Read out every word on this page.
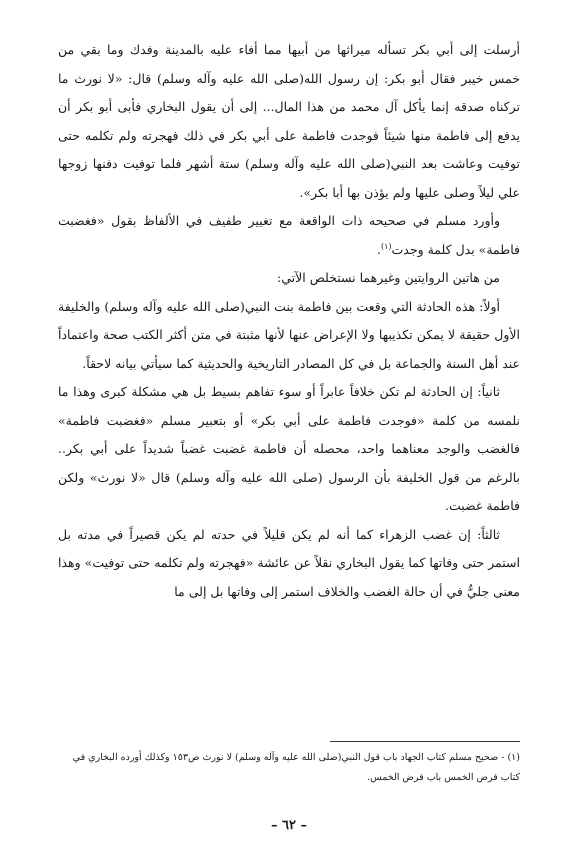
أرسلت إلى أبي بكر تسأله ميراثها من أبيها مما أفاء عليه بالمدينة وفدك وما بقي من خمس خيبر فقال أبو بكر: إن رسول الله(صلى الله عليه وآله وسلم) قال: «لا نورث ما تركناه صدقه إنما يأكل آل محمد من هذا المال... إلى أن يقول البخاري فأبى أبو بكر أن يدفع إلى فاطمة منها شيئاً فوجدت فاطمة على أبي بكر في ذلك فهجرته ولم تكلمه حتى توفيت وعاشت بعد النبي(صلى الله عليه وآله وسلم) ستة أشهر فلما توفيت دفنها زوجها علي ليلاً وصلى عليها ولم يؤذن بها أبا بكر».

وأورد مسلم في صحيحه ذات الواقعة مع تغيير طفيف في الألفاظ بقول «فغضبت فاطمة» بدل كلمة وجدت$^{(١)}$.

من هاتين الروايتين وغيرهما نستخلص الآتي:

أولاً: هذه الحادثة التي وقعت بين فاطمة بنت النبي(صلى الله عليه وآله وسلم) والخليفة الأول حقيقة لا يمكن تكذيبها ولا الإعراض عنها لأنها مثبتة في متن أكثر الكتب صحة واعتماداً عند أهل السنة والجماعة بل في كل المصادر التاريخية والحديثية كما سيأتي بيانه لاحقاً.

ثانياً: إن الحادثة لم تكن خلافاً عابراً أو سوء تفاهم بسيط بل هي مشكلة كبرى وهذا ما نلمسه من كلمة «فوجدت فاطمة على أبي بكر» أو بتعبير مسلم «فغضبت فاطمة» فالغضب والوجد معناهما واحد، محصله أن فاطمة غضبت غضباً شديداً على أبي بكر.. بالرغم من قول الخليفة بأن الرسول (صلى الله عليه وآله وسلم) قال «لا نورث» ولكن فاطمة غضبت.

ثالثاً: إن غضب الزهراء كما أنه لم يكن قليلاً في حدته لم يكن قصيراً في مدته بل استمر حتى وفاتها كما يقول البخاري نقلاً عن عائشة «فهجرته ولم تكلمه حتى توفيت» وهذا معنى جليٌّ في أن حالة الغضب والخلاف استمر إلى وفاتها بل إلى ما

(١) - صحيح مسلم كتاب الجهاد باب قول النبي(صلى الله عليه وآله وسلم) لا نورث ص١٥٣ وكذلك أورده البخاري في كتاب فرض الخمس باب فرض الخمس.

– ٦٢ –
